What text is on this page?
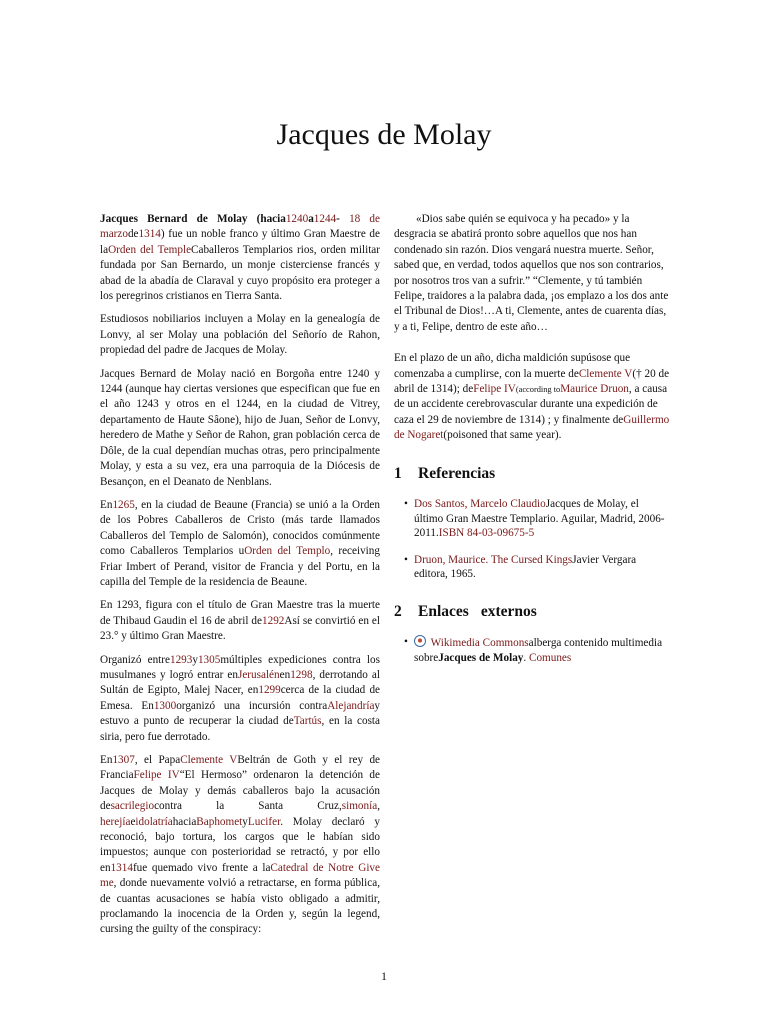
Jacques de Molay

Jacques Bernard de Molay (hacia1240a1244- 18 de marzode1314) fue un noble franco y último Gran Maestre de laOrden del TempleCaballeros Templarios rios, orden militar fundada por San Bernardo, un monje cisterciense francés y abad de la abadía de Claraval y cuyo propósito era proteger a los peregrinos cristianos en Tierra Santa.

Estudiosos nobiliarios incluyen a Molay en la genealogía de Lonvy, al ser Molay una población del Señorío de Rahon, propiedad del padre de Jacques de Molay.

Jacques Bernard de Molay nació en Borgoña entre 1240 y 1244 (aunque hay ciertas versiones que especifican que fue en el año 1243 y otros en el 1244, en la ciudad de Vitrey, departamento de Haute Sâone), hijo de Juan, Señor de Lonvy, heredero de Mathe y Señor de Rahon, gran población cerca de Dôle, de la cual dependían muchas otras, pero principalmente Molay, y esta a su vez, era una parroquia de la Diócesis de Besançon, en el Deanato de Nenblans.

En1265, en la ciudad de Beaune (Francia) se unió a la Orden de los Pobres Caballeros de Cristo (más tarde llamados Caballeros del Templo de Salomón), conocidos comúnmente como Caballeros Templarios uOrden del Templo, receiving Friar Imbert of Perand, visitor de Francia y del Portu, en la capilla del Temple de la residencia de Beaune.

En 1293, figura con el título de Gran Maestre tras la muerte de Thibaud Gaudin el 16 de abril de1292Así se convirtió en el 23.° y último Gran Maestre.

Organizó entre1293y1305múltiples expediciones contra los musulmanes y logró entrar enJerusalénen1298, derrotando al Sultán de Egipto, Malej Nacer, en1299cerca de la ciudad de Emesa. En1300organizó una incursión contraAlejandríay estuvo a punto de recuperar la ciudad deTartús, en la costa siria, pero fue derrotado.

En1307, el PapaClemente VBeltrán de Goth y el rey de FranciaFelipe IV“El Hermoso” ordenaron la detención de Jacques de Molay y demás caballeros bajo la acusación desacrilegiocontra la Santa Cruz,simonía, herejíaeidolatríahaciaBaphometyLucifer. Molay declaró y reconoció, bajo tortura, los cargos que le habían sido impuestos; aunque con posterioridad se retractó, y por ello en1314fue quemado vivo frente a laCatedral de Notre Give me, donde nuevamente volvió a retractarse, en forma pública, de cuantas acusaciones se había visto obligado a admitir, proclamando la inocencia de la Orden y, según la legend, cursing the guilty of the conspiracy:

«Dios sabe quién se equivoca y ha pecado» y la desgracia se abatirá pronto sobre aquellos que nos han condenado sin razón. Dios vengará nuestra muerte. Señor, sabed que, en verdad, todos aquellos que nos son contrarios, por nosotros tros van a sufrir.” “Clemente, y tú también Felipe, traidores a la palabra dada, ¡os emplazo a los dos ante el Tribunal de Dios!…A ti, Clemente, antes de cuarenta días, y a ti, Felipe, dentro de este año…

En el plazo de un año, dicha maldición supúsose que comenzaba a cumplirse, con la muerte deClemente V(† 20 de abril de 1314); deFelipe IV(according toMaurice Druon, a causa de un accidente cerebrovascular durante una expedición de caza el 29 de noviembre de 1314) ; y finalmente deGuillermo de Nogaret(poisoned that same year).

1 Referencias
• Dos Santos, Marcelo ClaudioJacques de Molay, el último Gran Maestre Templario. Aguilar, Madrid, 2006-2011.ISBN 84-03-09675-5
• Druon, Maurice. The Cursed KingsJavier Vergara editora, 1965.
2 Enlaces externos
• Wikimedia Commonsalberga contenido multimedia sobreJacques de Molay. Comunes
1
